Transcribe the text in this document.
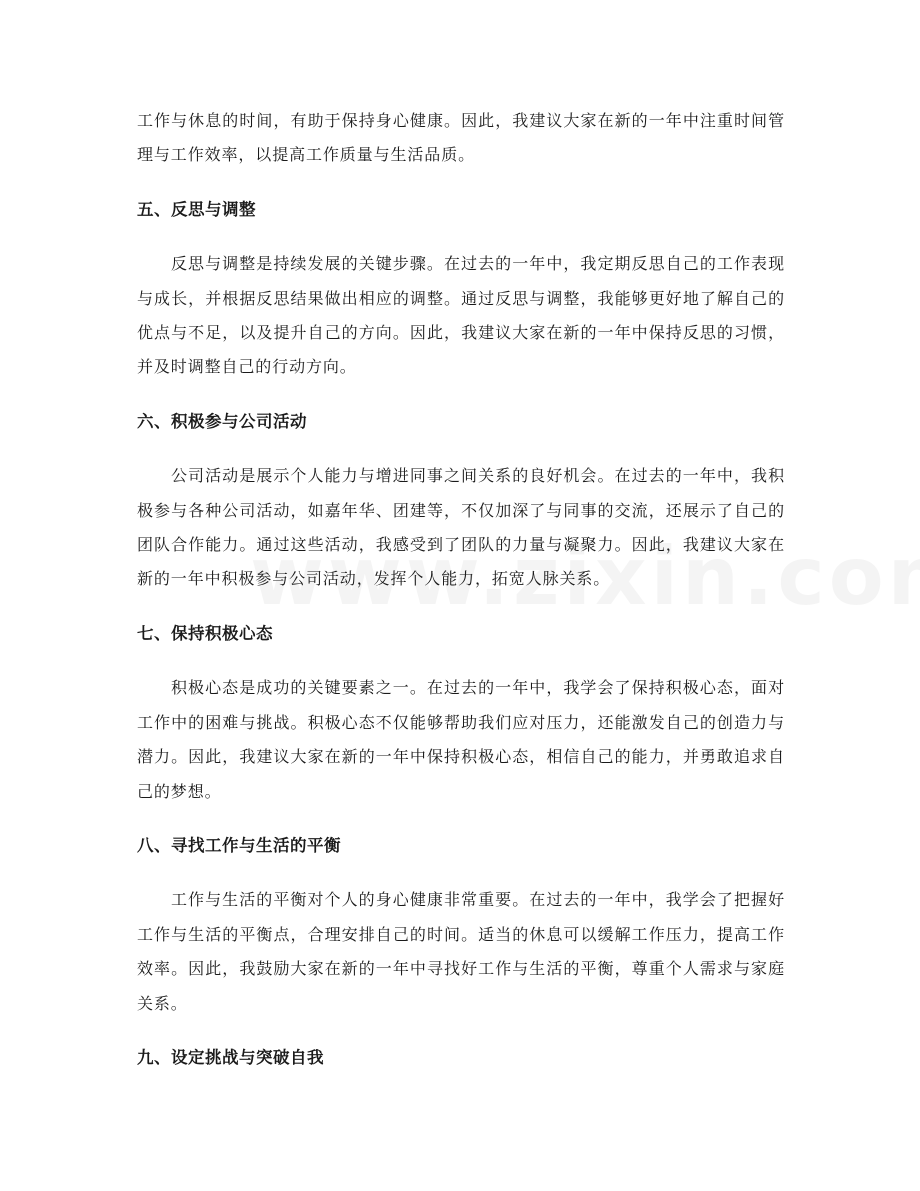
工作与休息的时间，有助于保持身心健康。因此，我建议大家在新的一年中注重时间管理与工作效率，以提高工作质量与生活品质。

五、反思与调整

反思与调整是持续发展的关键步骤。在过去的一年中，我定期反思自己的工作表现与成长，并根据反思结果做出相应的调整。通过反思与调整，我能够更好地了解自己的优点与不足，以及提升自己的方向。因此，我建议大家在新的一年中保持反思的习惯，并及时调整自己的行动方向。

六、积极参与公司活动

公司活动是展示个人能力与增进同事之间关系的良好机会。在过去的一年中，我积极参与各种公司活动，如嘉年华、团建等，不仅加深了与同事的交流，还展示了自己的团队合作能力。通过这些活动，我感受到了团队的力量与凝聚力。因此，我建议大家在新的一年中积极参与公司活动，发挥个人能力，拓宽人脉关系。

七、保持积极心态

积极心态是成功的关键要素之一。在过去的一年中，我学会了保持积极心态，面对工作中的困难与挑战。积极心态不仅能够帮助我们应对压力，还能激发自己的创造力与潜力。因此，我建议大家在新的一年中保持积极心态，相信自己的能力，并勇敢追求自己的梦想。

八、寻找工作与生活的平衡

工作与生活的平衡对个人的身心健康非常重要。在过去的一年中，我学会了把握好工作与生活的平衡点，合理安排自己的时间。适当的休息可以缓解工作压力，提高工作效率。因此，我鼓励大家在新的一年中寻找好工作与生活的平衡，尊重个人需求与家庭关系。

九、设定挑战与突破自我
